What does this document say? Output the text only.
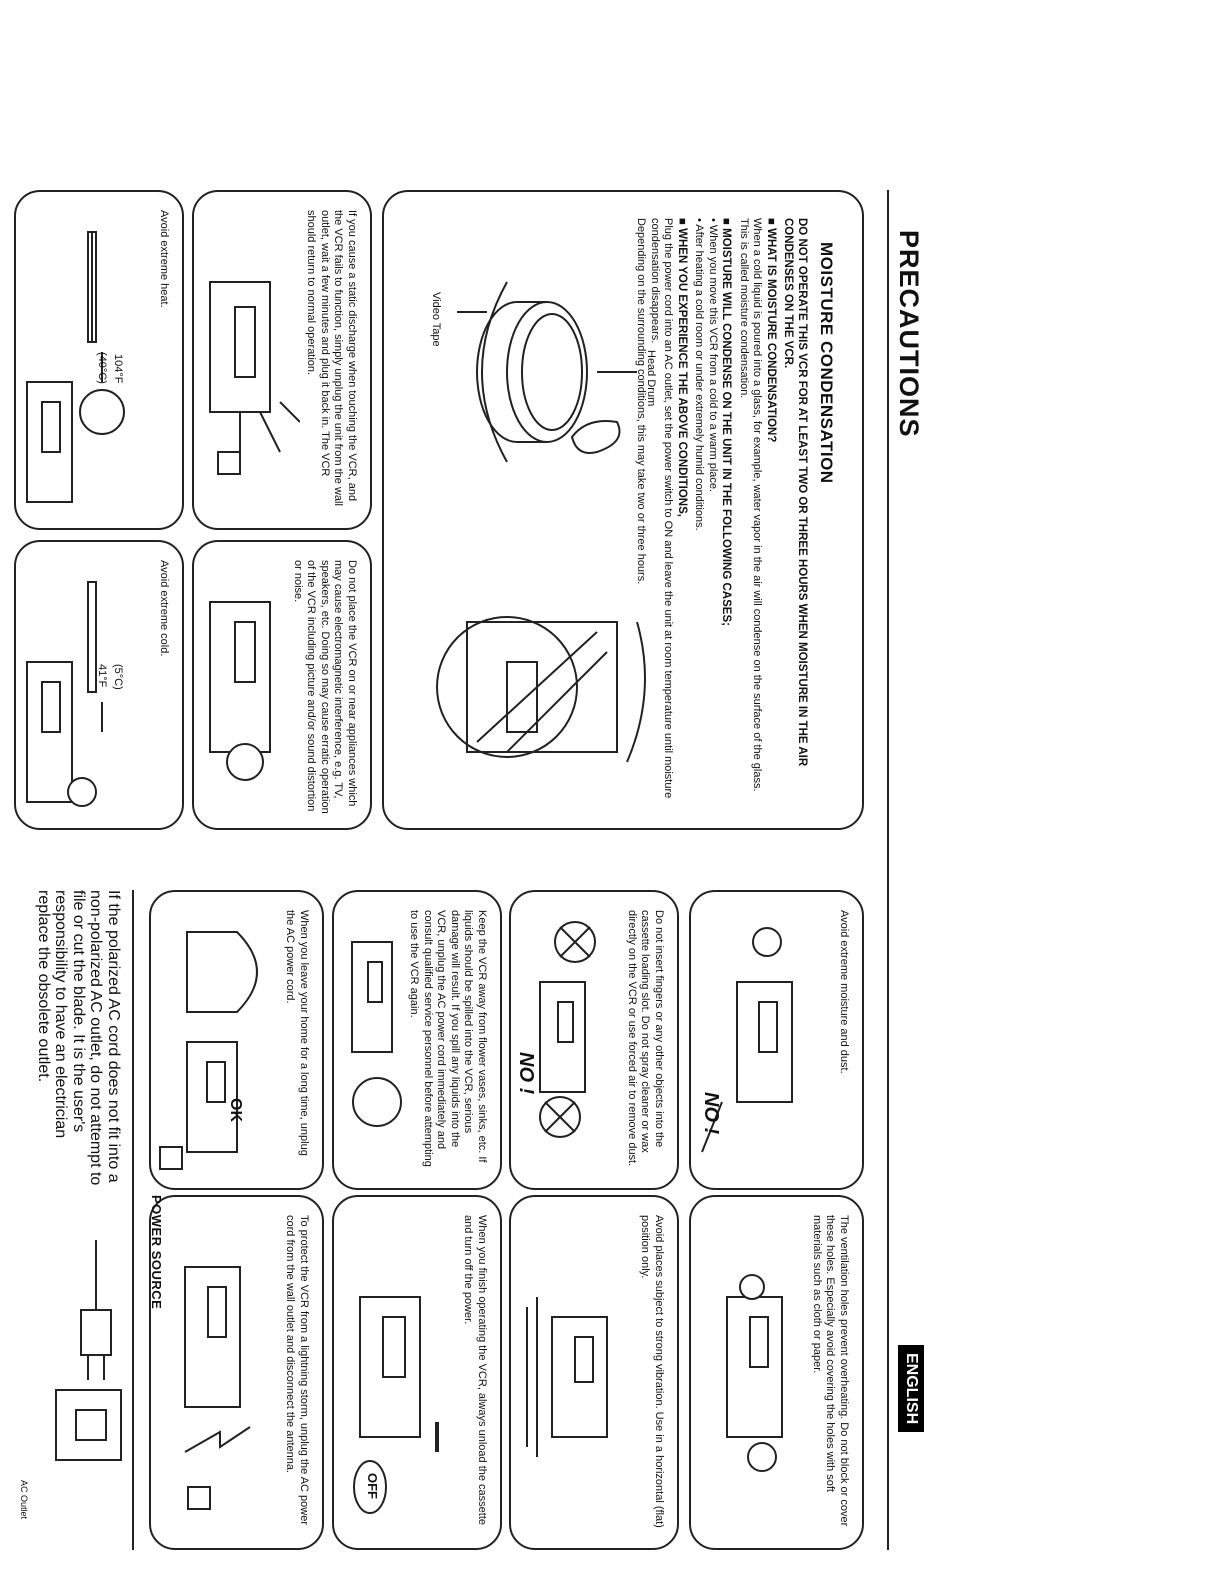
PRECAUTIONS
MOISTURE CONDENSATION

DO NOT OPERATE THIS VCR FOR AT LEAST TWO OR THREE HOURS WHEN MOISTURE IN THE AIR CONDENSES ON THE VCR.

■ WHAT IS MOISTURE CONDENSATION?

When a cold liquid is poured into a glass, for example, water vapor in the air will condense on the surface of the glass. This is called moisture condensation.

■ MOISTURE WILL CONDENSE ON THE UNIT IN THE FOLLOWING CASES;

• When you move this VCR from a cold to a warm place.

• After heating a cold room or under extremely humid conditions.

■ WHEN YOU EXPERIENCE THE ABOVE CONDITIONS,

Plug the power cord into an AC outlet, set the power switch to ON and leave the unit at room temperature until moisture condensation disappears.

Depending on the surrounding conditions, this may take two or three hours.

Head Drum
Video Tape
If you cause a static discharge when touching the VCR, and the VCR fails to function, simply unplug the unit from the wall outlet, wait a few minutes and plug it back in. The VCR should return to normal operation.
Do not place the VCR on or near appliances which may cause electromagnetic interference, e.g. TV, speakers, etc. Doing so may cause erratic operation of the VCR including picture and/or sound distortion or noise.
Avoid extreme heat.
104°F
(40°C)
Avoid extreme cold.
(5°C)
41°F
Avoid extreme moisture and dust.
NO !
Do not insert fingers or any other objects into the cassette loading slot. Do not spray cleaner or wax directly on the VCR or use forced air to remove dust.
NO !
Keep the VCR away from flower vases, sinks, etc. If liquids should be spilled into the VCR, serious damage will result. If you spill any liquids into the VCR, unplug the AC power cord immediately and consult qualified service personnel before attempting to use the VCR again.
When you leave your home for a long time, unplug the AC power cord.
OK
The ventilation holes prevent overheating. Do not block or cover these holes. Especially avoid covering the holes with soft materials such as cloth or paper.
Avoid places subject to strong vibration. Use in a horizontal (flat) position only.
When you finish operating the VCR, always unload the cassette and turn off the power.
OFF
To protect the VCR from a lightning storm, unplug the AC power cord from the wall outlet and disconnect the antenna.
POWER SOURCE
If the polarized AC cord does not fit into a non-polarized AC outlet, do not attempt to file or cut the blade. It is the user's responsibility to have an electrician replace the obsolete outlet.
AC Outlet
ENGLISH
